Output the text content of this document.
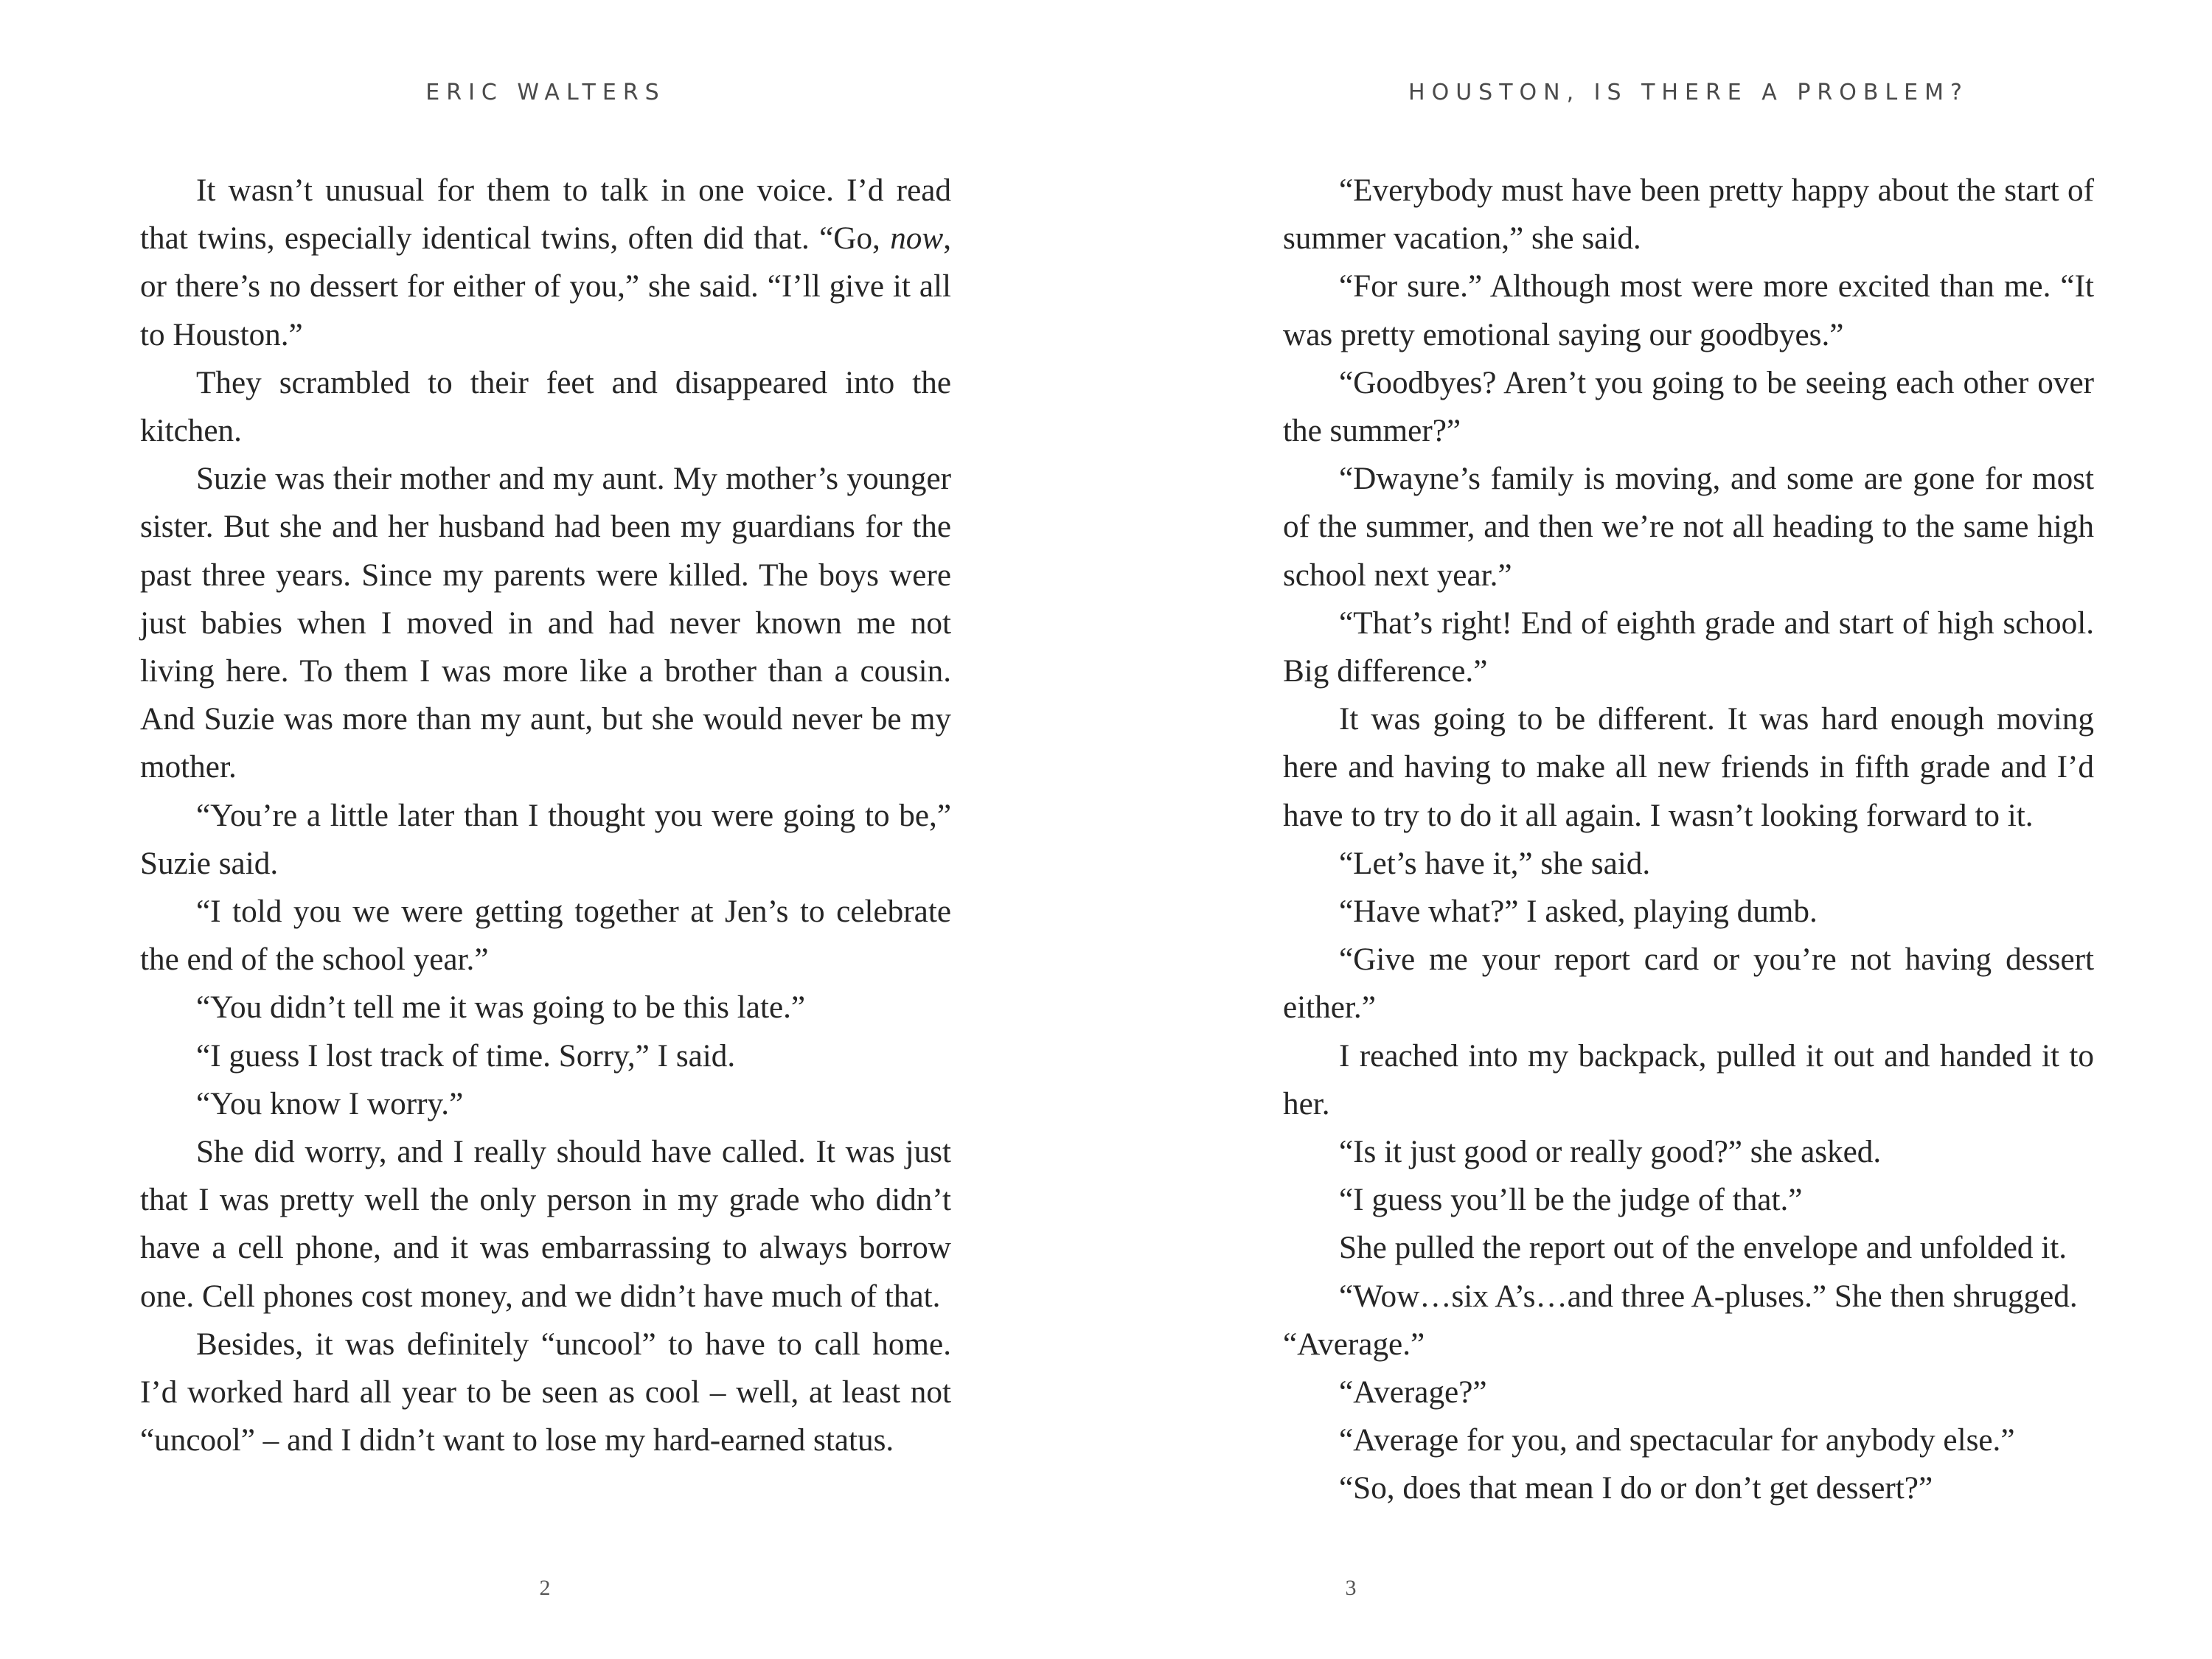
ERIC WALTERS

It wasn’t unusual for them to talk in one voice. I’d read that twins, especially identical twins, often did that. “Go, now, or there’s no dessert for either of you,” she said. “I’ll give it all to Houston.”

They scrambled to their feet and disappeared into the kitchen.

Suzie was their mother and my aunt. My mother’s younger sister. But she and her husband had been my guardians for the past three years. Since my parents were killed. The boys were just babies when I moved in and had never known me not living here. To them I was more like a brother than a cousin. And Suzie was more than my aunt, but she would never be my mother.

“You’re a little later than I thought you were going to be,” Suzie said.

“I told you we were getting together at Jen’s to celebrate the end of the school year.”

“You didn’t tell me it was going to be this late.”

“I guess I lost track of time. Sorry,” I said.

“You know I worry.”

She did worry, and I really should have called. It was just that I was pretty well the only person in my grade who didn’t have a cell phone, and it was embarrassing to always borrow one. Cell phones cost money, and we didn’t have much of that.

Besides, it was definitely “uncool” to have to call home. I’d worked hard all year to be seen as cool – well, at least not “uncool” – and I didn’t want to lose my hard-earned status.

2
HOUSTON, IS THERE A PROBLEM?

“Everybody must have been pretty happy about the start of summer vacation,” she said.

“For sure.” Although most were more excited than me. “It was pretty emotional saying our goodbyes.”

“Goodbyes? Aren’t you going to be seeing each other over the summer?”

“Dwayne’s family is moving, and some are gone for most of the summer, and then we’re not all heading to the same high school next year.”

“That’s right! End of eighth grade and start of high school. Big difference.”

It was going to be different. It was hard enough moving here and having to make all new friends in fifth grade and I’d have to try to do it all again. I wasn’t looking forward to it.

“Let’s have it,” she said.

“Have what?” I asked, playing dumb.

“Give me your report card or you’re not having dessert either.”

I reached into my backpack, pulled it out and handed it to her.

“Is it just good or really good?” she asked.

“I guess you’ll be the judge of that.”

She pulled the report out of the envelope and unfolded it.

“Wow…six A’s…and three A-pluses.” She then shrugged.

“Average.”

“Average?”

“Average for you, and spectacular for anybody else.”

“So, does that mean I do or don’t get dessert?”

3
